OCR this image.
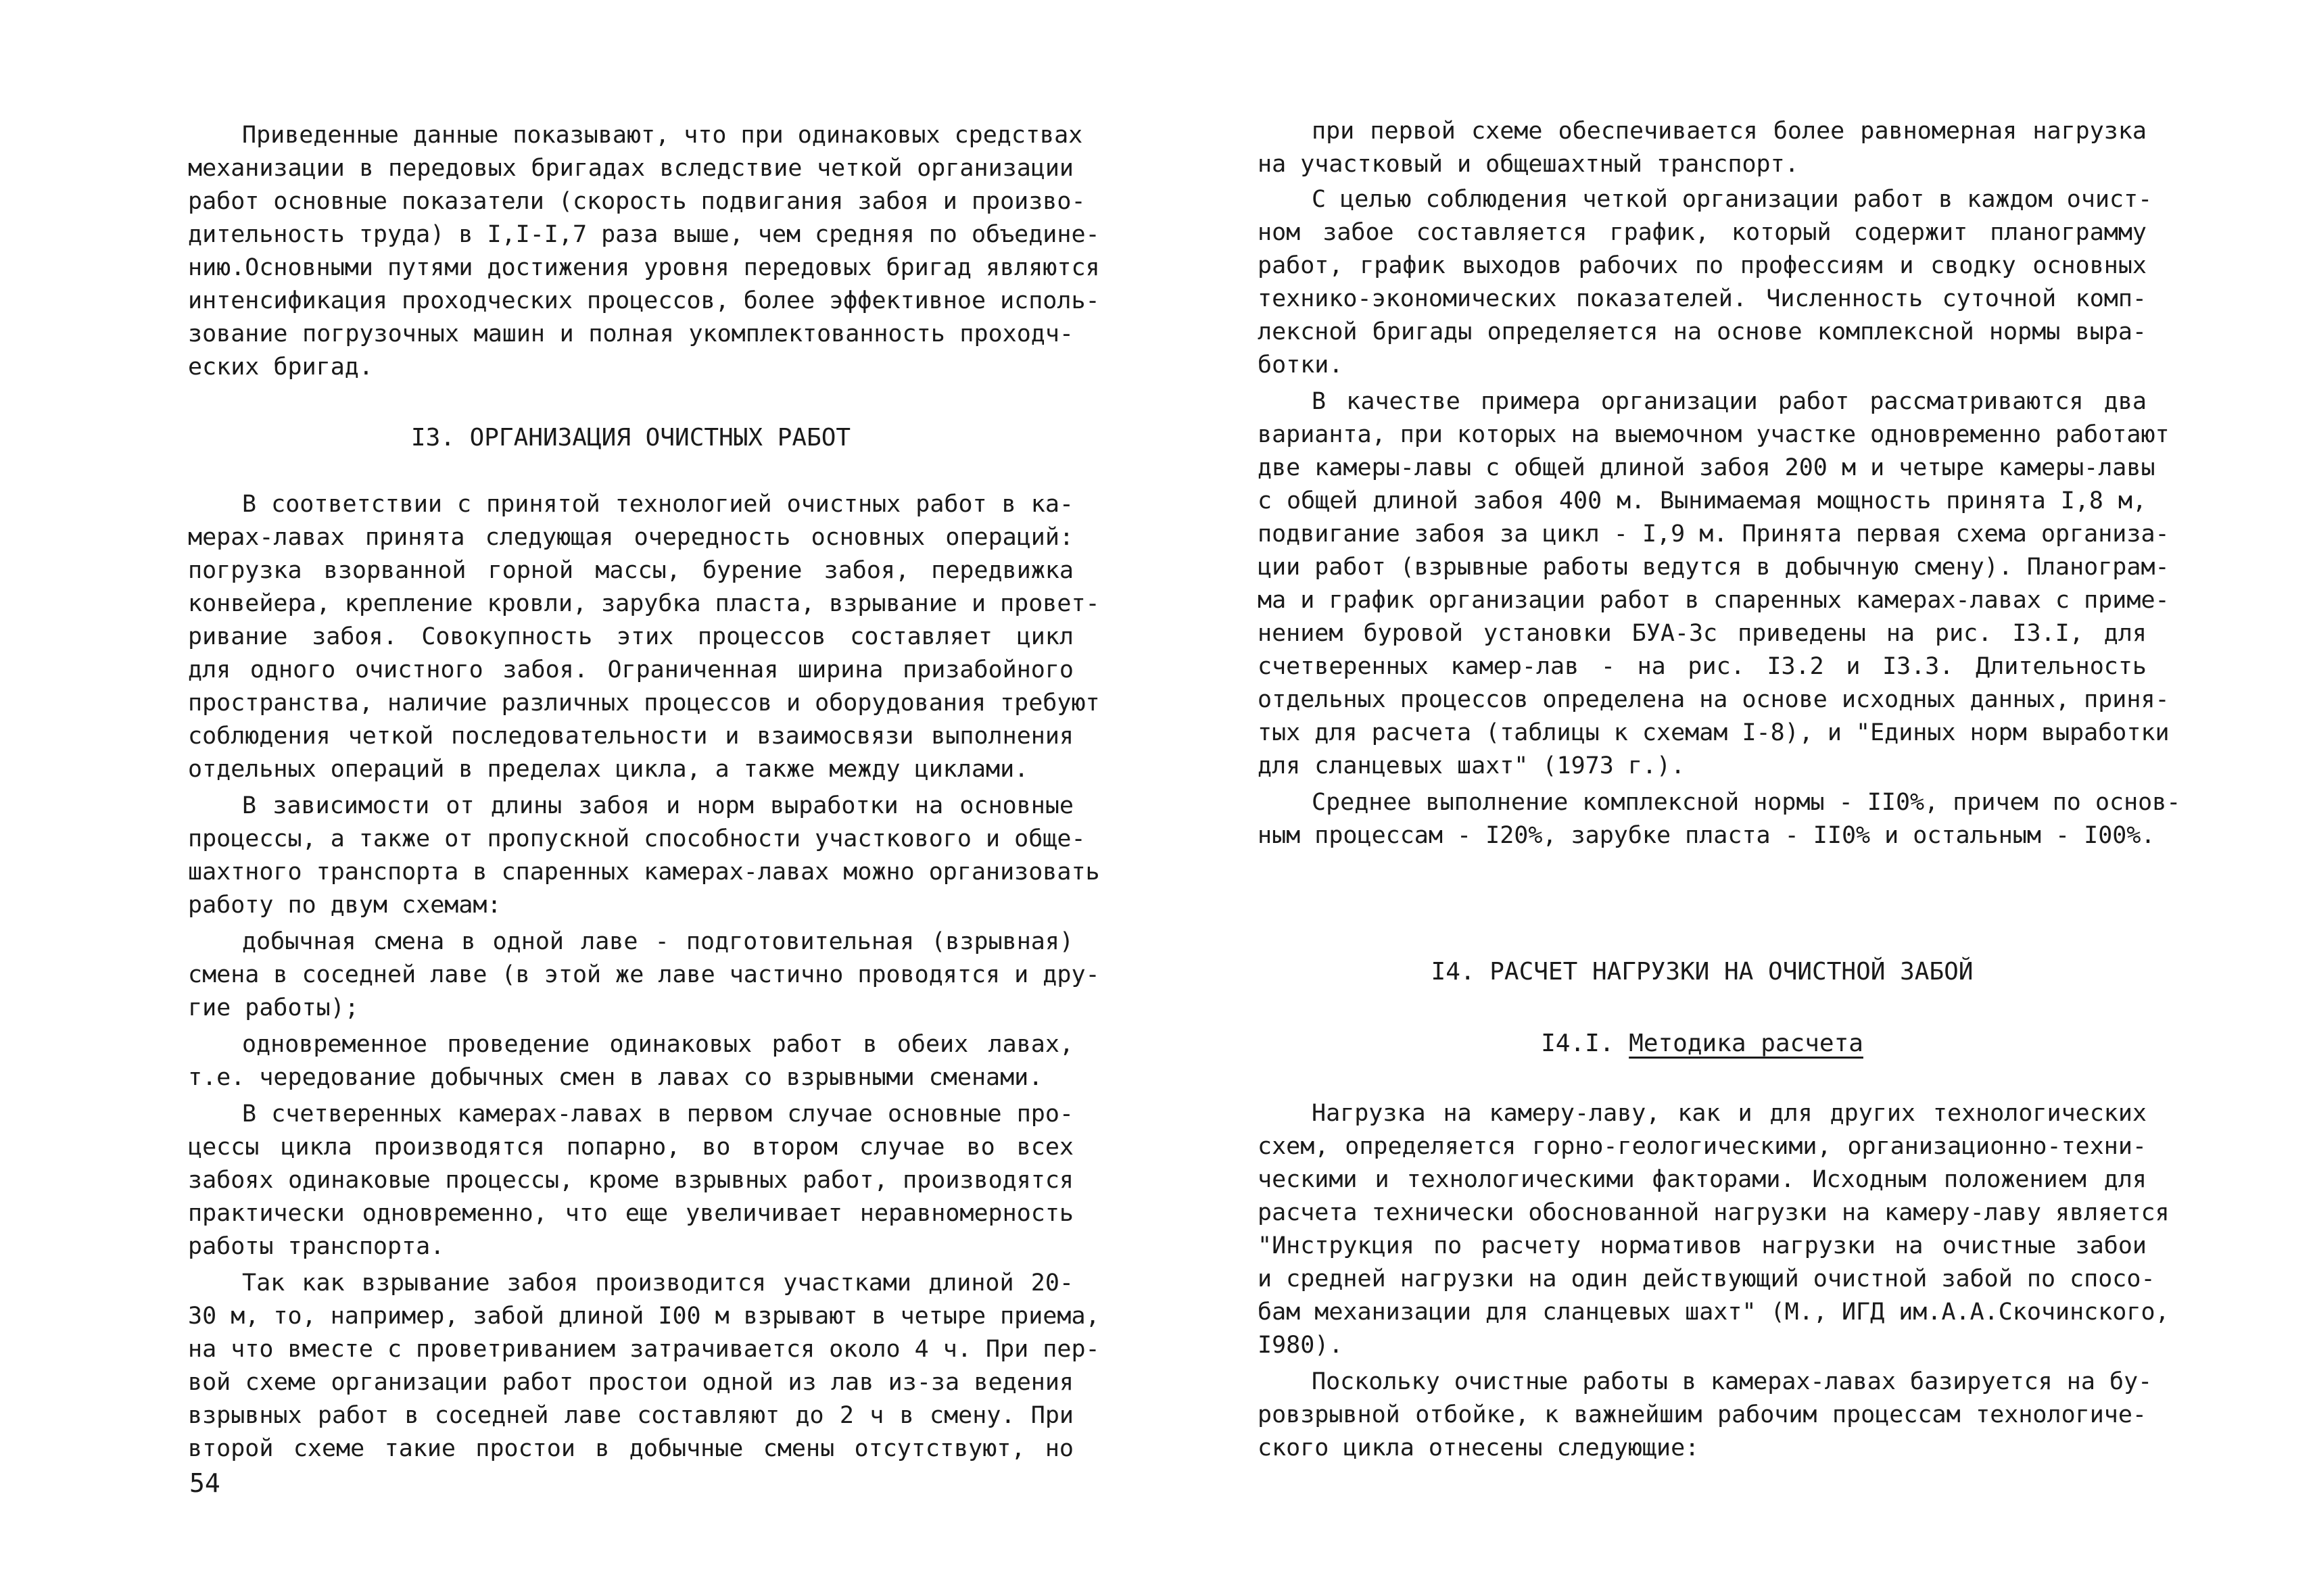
Приведенные данные показывают, что при одинаковых средствах
механизации в передовых бригадах вследствие четкой организации
работ основные показатели (скорость подвигания забоя и произво-
дительность труда) в I,I-I,7 раза выше, чем средняя по объедине-
нию.Основными путями достижения уровня передовых бригад являются
интенсификация проходческих процессов, более эффективное исполь-
зование погрузочных машин и полная укомплектованность проходч-
еских бригад.
I3. ОРГАНИЗАЦИЯ ОЧИСТНЫХ РАБОТ
В соответствии с принятой технологией очистных работ в ка-
мерах-лавах принята следующая очередность основных операций:
погрузка взорванной горной массы, бурение забоя, передвижка
конвейера, крепление кровли, зарубка пласта, взрывание и провет-
ривание забоя. Совокупность этих процессов составляет цикл
для одного очистного забоя. Ограниченная ширина призабойного
пространства, наличие различных процессов и оборудования требуют
соблюдения четкой последовательности и взаимосвязи выполнения
отдельных операций в пределах цикла, а также между циклами.
В зависимости от длины забоя и норм выработки на основные
процессы, а также от пропускной способности участкового и обще-
шахтного транспорта в спаренных камерах-лавах можно организовать
работу по двум схемам:
добычная смена в одной лаве - подготовительная (взрывная)
смена в соседней лаве (в этой же лаве частично проводятся и дру-
гие работы);
одновременное проведение одинаковых работ в обеих лавах,
т.е. чередование добычных смен в лавах со взрывными сменами.
В счетверенных камерах-лавах в первом случае основные про-
цессы цикла производятся попарно, во втором случае во всех
забоях одинаковые процессы, кроме взрывных работ, производятся
практически одновременно, что еще увеличивает неравномерность
работы транспорта.
Так как взрывание забоя производится участками длиной 20-
30 м, то, например, забой длиной I00 м взрывают в четыре приема,
на что вместе с проветриванием затрачивается около 4 ч. При пер-
вой схеме организации работ простои одной из лав из-за ведения
взрывных работ в соседней лаве составляют до 2 ч в смену. При
второй схеме такие простои в добычные смены отсутствуют, но
54
при первой схеме обеспечивается более равномерная нагрузка
на участковый и общешахтный транспорт.
С целью соблюдения четкой организации работ в каждом очист-
ном забое составляется график, который содержит планограмму
работ, график выходов рабочих по профессиям и сводку основных
технико-экономических показателей. Численность суточной комп-
лексной бригады определяется на основе комплексной нормы выра-
ботки.
В качестве примера организации работ рассматриваются два
варианта, при которых на выемочном участке одновременно работают
две камеры-лавы с общей длиной забоя 200 м и четыре камеры-лавы
с общей длиной забоя 400 м. Вынимаемая мощность принята I,8 м,
подвигание забоя за цикл - I,9 м. Принята первая схема организа-
ции работ (взрывные работы ведутся в добычную смену). Планограм-
ма и график организации работ в спаренных камерах-лавах с приме-
нением буровой установки БУА-3с приведены на рис. I3.I, для
счетверенных камер-лав - на рис. I3.2 и I3.3. Длительность
отдельных процессов определена на основе исходных данных, приня-
тых для расчета (таблицы к схемам I-8), и "Единых норм выработки
для сланцевых шахт" (1973 г.).
Среднее выполнение комплексной нормы - II0%, причем по основ-
ным процессам - I20%, зарубке пласта - II0% и остальным - I00%.
I4. РАСЧЕТ НАГРУЗКИ НА ОЧИСТНОЙ ЗАБОЙ
I4.I. Методика расчета
Нагрузка на камеру-лаву, как и для других технологических
схем, определяется горно-геологическими, организационно-техни-
ческими и технологическими факторами. Исходным положением для
расчета технически обоснованной нагрузки на камеру-лаву является
"Инструкция по расчету нормативов нагрузки на очистные забои
и средней нагрузки на один действующий очистной забой по спосо-
бам механизации для сланцевых шахт" (М., ИГД им.А.А.Скочинского,
I980).
Поскольку очистные работы в камерах-лавах базируется на бу-
ровзрывной отбойке, к важнейшим рабочим процессам технологиче-
ского цикла отнесены следующие:
